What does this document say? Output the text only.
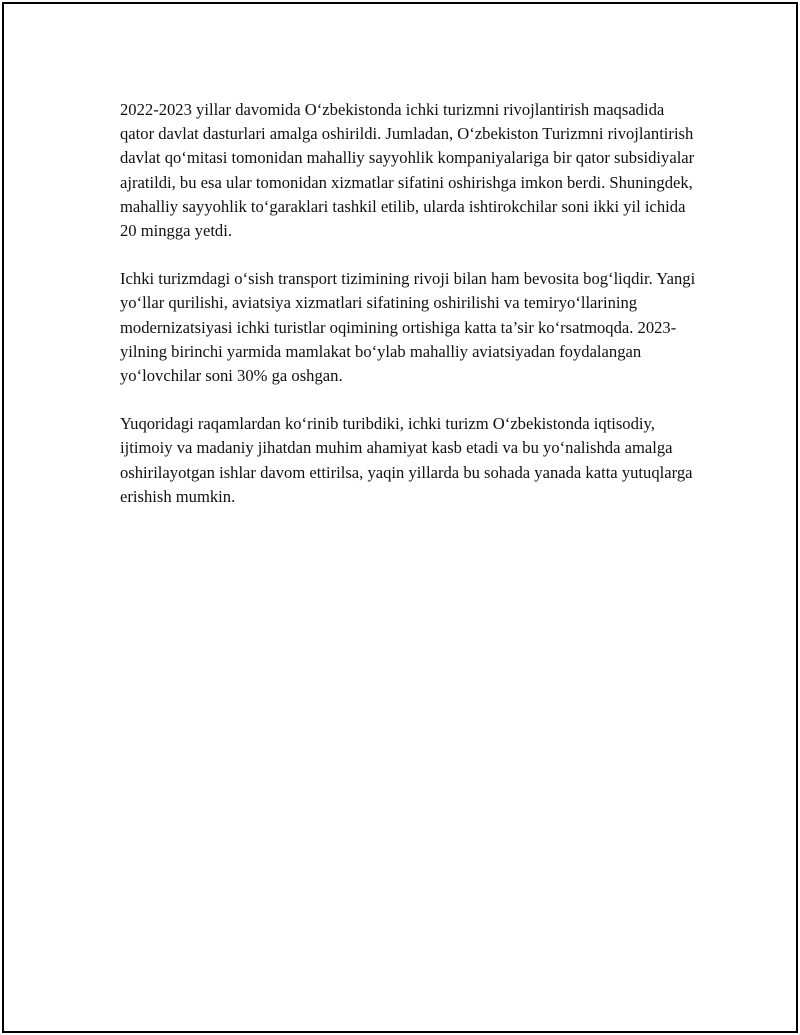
2022-2023 yillar davomida O‘zbekistonda ichki turizmni rivojlantirish maqsadida qator davlat dasturlari amalga oshirildi. Jumladan, O‘zbekiston Turizmni rivojlantirish davlat qo‘mitasi tomonidan mahalliy sayyohlik kompaniyalariga bir qator subsidiyalar ajratildi, bu esa ular tomonidan xizmatlar sifatini oshirishga imkon berdi. Shuningdek, mahalliy sayyohlik to‘garaklari tashkil etilib, ularda ishtirokchilar soni ikki yil ichida 20 mingga yetdi.

Ichki turizmdagi o‘sish transport tizimining rivoji bilan ham bevosita bog‘liqdir. Yangi yo‘llar qurilishi, aviatsiya xizmatlari sifatining oshirilishi va temiryo‘llarining modernizatsiyasi ichki turistlar oqimining ortishiga katta ta’sir ko‘rsatmoqda. 2023-yilning birinchi yarmida mamlakat bo‘ylab mahalliy aviatsiyadan foydalangan yo‘lovchilar soni 30% ga oshgan.

Yuqoridagi raqamlardan ko‘rinib turibdiki, ichki turizm O‘zbekistonda iqtisodiy, ijtimoiy va madaniy jihatdan muhim ahamiyat kasb etadi va bu yo‘nalishda amalga oshirilayotgan ishlar davom ettirilsa, yaqin yillarda bu sohada yanada katta yutuqlarga erishish mumkin.
